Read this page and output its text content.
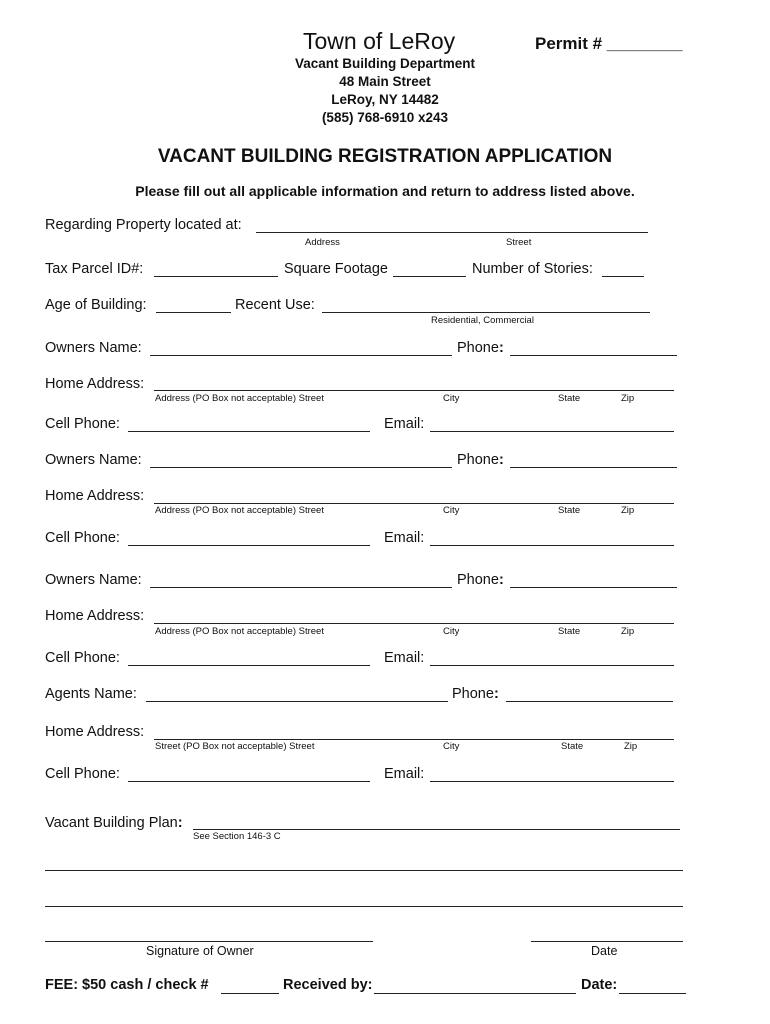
Town of LeRoy	Permit # ________
Vacant Building Department
48 Main Street
LeRoy, NY 14482
(585) 768-6910 x243
VACANT BUILDING REGISTRATION APPLICATION
Please fill out all applicable information and return to address listed above.
Regarding Property located at:
Address	Street
Tax Parcel ID#:	Square Footage	Number of Stories:
Age of Building:	Recent Use:
Residential, Commercial
Owners Name:	Phone:
Home Address:
Address (PO Box not acceptable) Street	City	State	Zip
Cell Phone:	Email:
Owners Name:	Phone:
Home Address:
Address (PO Box not acceptable) Street	City	State	Zip
Cell Phone:	Email:
Owners Name:	Phone:
Home Address:
Address (PO Box not acceptable) Street	City	State	Zip
Cell Phone:	Email:
Agents Name:	Phone:
Home Address:
Street (PO Box not acceptable) Street	City	State	Zip
Cell Phone:	Email:
Vacant Building Plan:
See Section 146-3 C
Signature of Owner	Date
FEE: $50 cash / check #	Received by:	Date:
